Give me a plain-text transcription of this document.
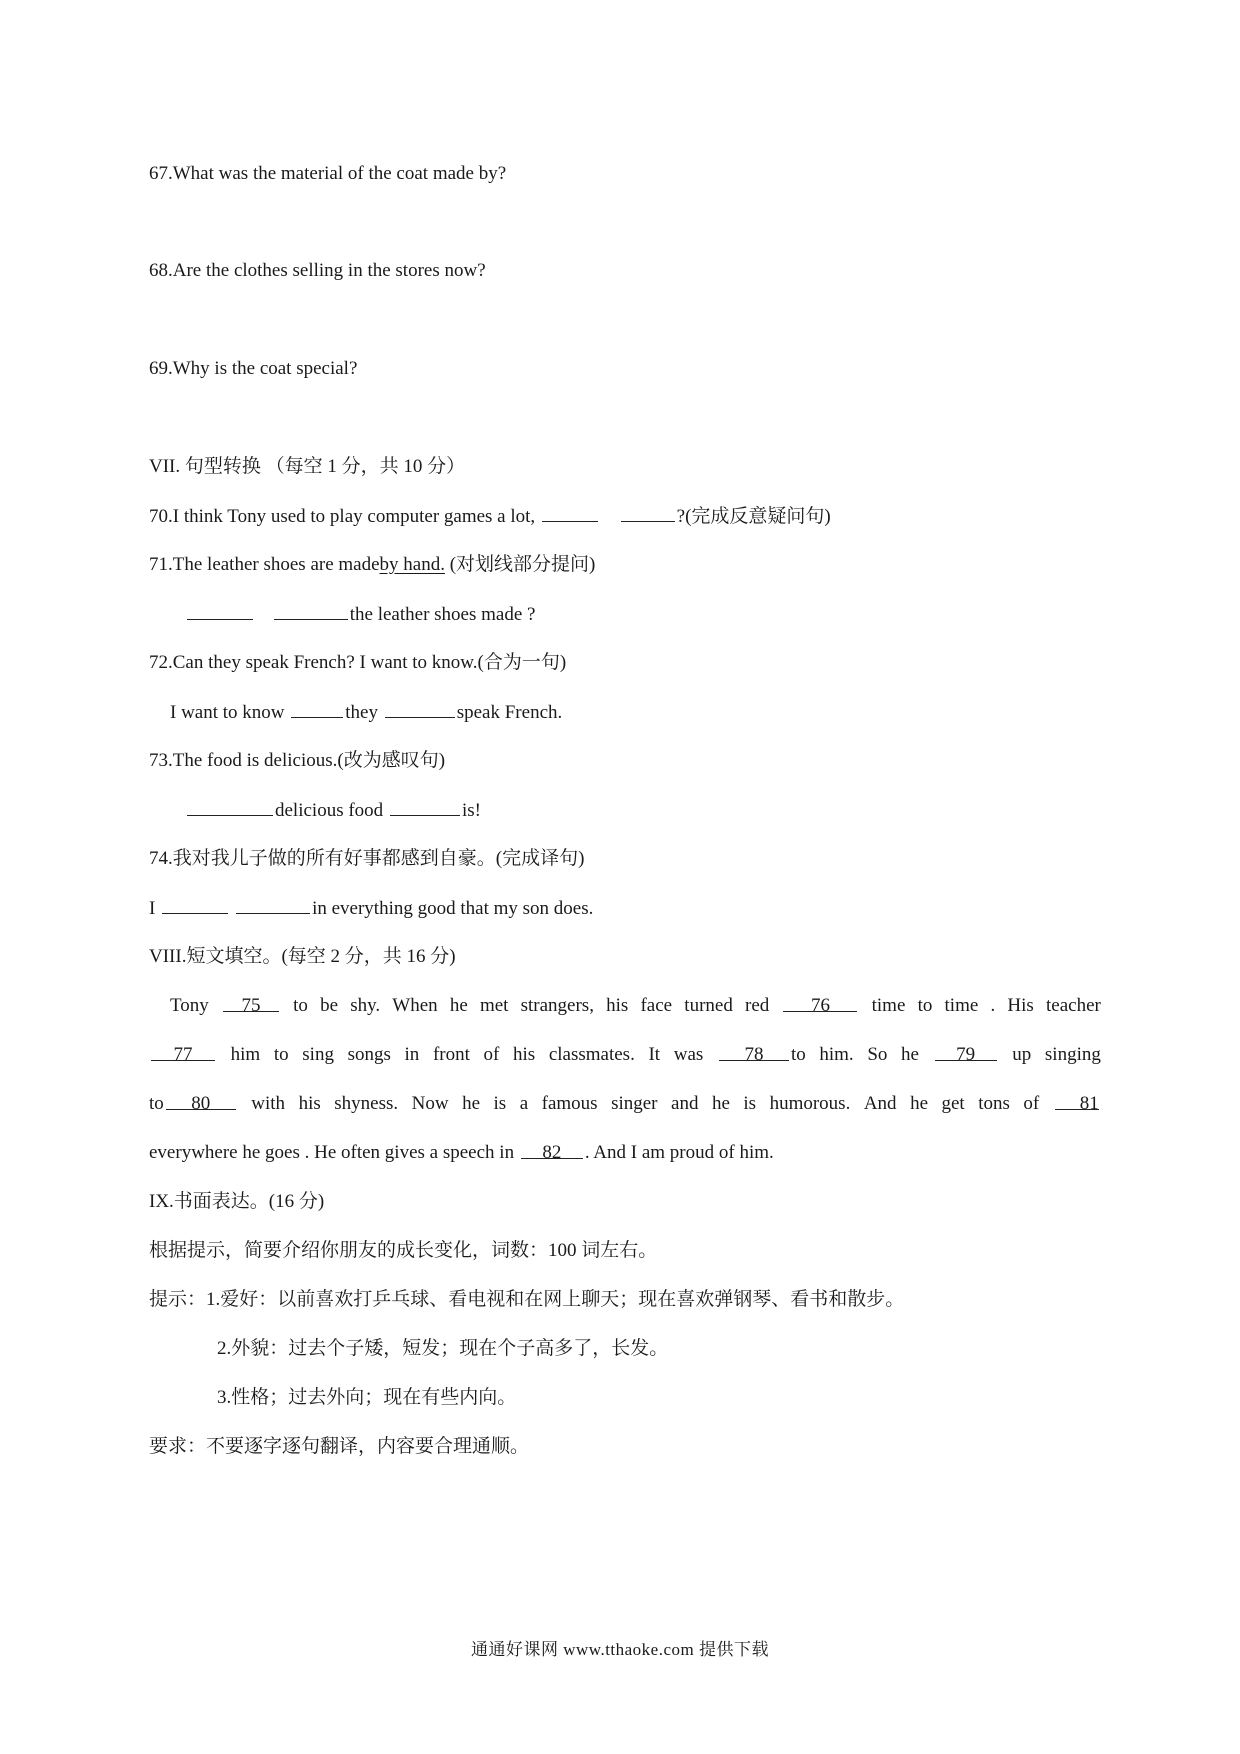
67.What was the material of the coat made by?
68.Are the clothes selling in the stores now?
69.Why is the coat special?
VII. 句型转换 （每空 1 分，共 10 分）
70.I think Tony used to play computer games a lot,	?(完成反意疑问句)
71.The leather shoes are madeby hand. (对划线部分提问)
the leather shoes made ?
72.Can they speak French? I want to know.(合为一句)
I want to know	they	speak French.
73.The food is delicious.(改为感叹句)
delicious food	is!
74.我对我儿子做的所有好事都感到自豪。(完成译句)
I	in everything good that my son does.
VIII.短文填空。(每空 2 分，共 16 分)
Tony	75	to be shy. When he met strangers, his face turned red	76	time to time . His teacher
77	him to sing songs in front of his classmates. It was	78 to him. So he	79	up singing
to 80	with his shyness. Now he is a famous singer and he is humorous. And he get tons of	81
everywhere he goes . He often gives a speech in 82 . And I am proud of him.
IX.书面表达。(16 分)
根据提示，简要介绍你朋友的成长变化，词数：100 词左右。
提示：1.爱好：以前喜欢打乒乓球、看电视和在网上聊天；现在喜欢弹钢琴、看书和散步。
2.外貌：过去个子矮，短发；现在个子高多了，长发。
3.性格；过去外向；现在有些内向。
要求：不要逐字逐句翻译，内容要合理通顺。
通通好课网 www.tthaoke.com 提供下载
